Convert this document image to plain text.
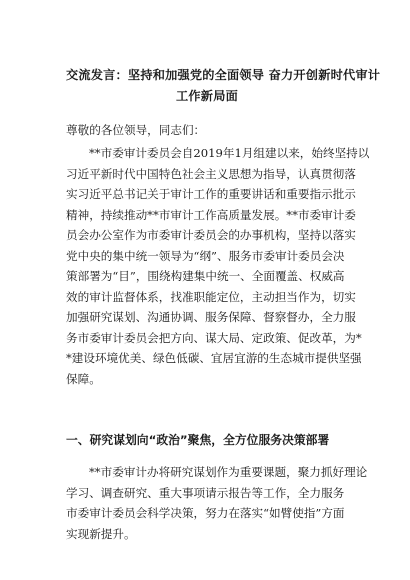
交流发言：坚持和加强党的全面领导 奋力开创新时代审计
工作新局面
尊敬的各位领导，同志们：
**市委审计委员会自2019年1月组建以来，始终坚持以
习近平新时代中国特色社会主义思想为指导，认真贯彻落
实习近平总书记关于审计工作的重要讲话和重要指示批示
精神，持续推动**市审计工作高质量发展。**市委审计委
员会办公室作为市委审计委员会的办事机构，坚持以落实
党中央的集中统一领导为“纲”、服务市委审计委员会决
策部署为“目”，围绕构建集中统一、全面覆盖、权威高
效的审计监督体系，找准职能定位，主动担当作为，切实
加强研究谋划、沟通协调、服务保障、督察督办，全力服
务市委审计委员会把方向、谋大局、定政策、促改革，为*
*建设环境优美、绿色低碳、宜居宜游的生态城市提供坚强
保障。
一、研究谋划向“政治”聚焦，全方位服务决策部署
**市委审计办将研究谋划作为重要课题，聚力抓好理论
学习、调查研究、重大事项请示报告等工作，全力服务
市委审计委员会科学决策，努力在落实“如臂使指”方面
实现新提升。
